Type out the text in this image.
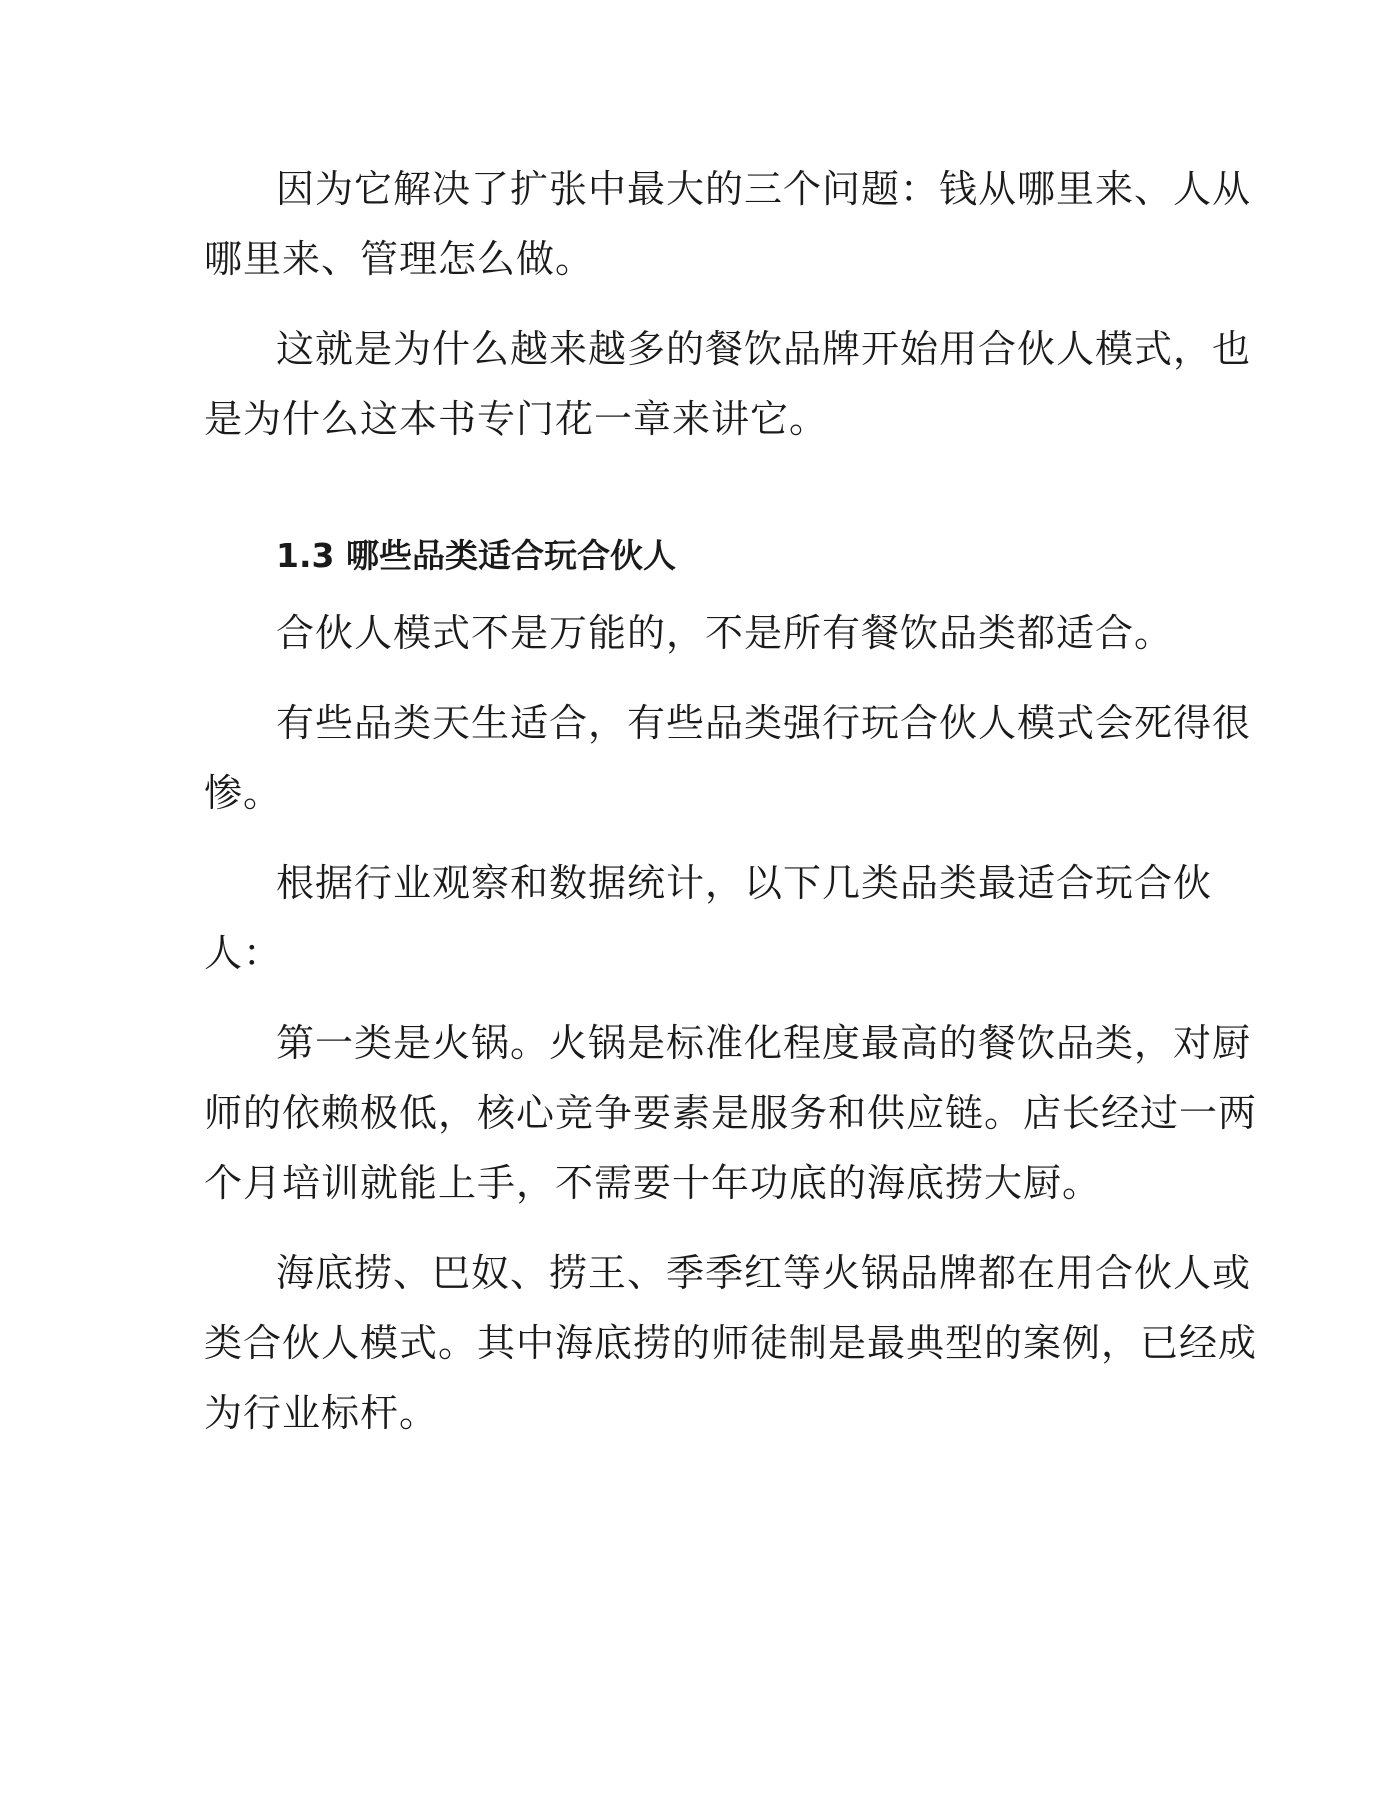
因为它解决了扩张中最大的三个问题：钱从哪里来、人从
哪里来、管理怎么做。

这就是为什么越来越多的餐饮品牌开始用合伙人模式，也
是为什么这本书专门花一章来讲它。

1.3 哪些品类适合玩合伙人

合伙人模式不是万能的，不是所有餐饮品类都适合。

有些品类天生适合，有些品类强行玩合伙人模式会死得很
惨。

根据行业观察和数据统计，以下几类品类最适合玩合伙
人：

第一类是火锅。火锅是标准化程度最高的餐饮品类，对厨
师的依赖极低，核心竞争要素是服务和供应链。店长经过一两
个月培训就能上手，不需要十年功底的海底捞大厨。

海底捞、巴奴、捞王、季季红等火锅品牌都在用合伙人或
类合伙人模式。其中海底捞的师徒制是最典型的案例，已经成
为行业标杆。
